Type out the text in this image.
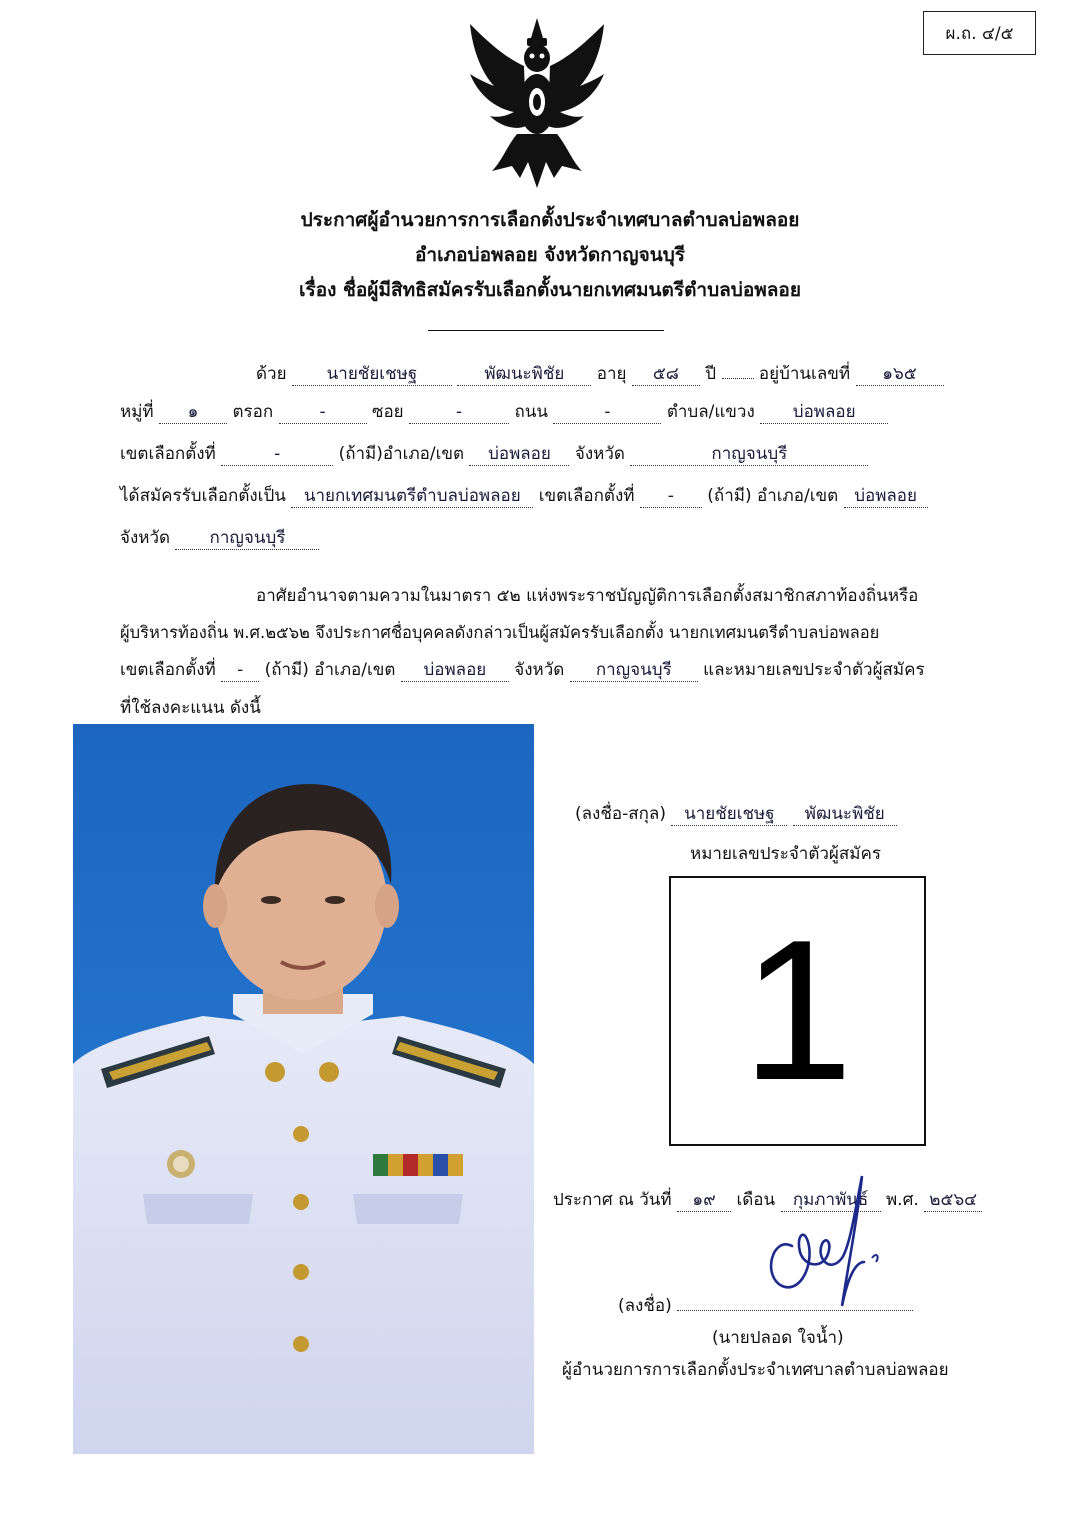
ผ.ถ. ๔/๕
ประกาศผู้อำนวยการการเลือกตั้งประจำเทศบาลตำบลบ่อพลอย
อำเภอบ่อพลอย จังหวัดกาญจนบุรี
เรื่อง ชื่อผู้มีสิทธิสมัครรับเลือกตั้งนายกเทศมนตรีตำบลบ่อพลอย
ด้วย นายชัยเชษฐ	พัฒนะพิชัย อายุ ๕๘ ปี	อยู่บ้านเลขที่ ๑๖๕
หมู่ที่ ๑ ตรอก	-	ซอย	-	ถนน	-	ตำบล/แขวง บ่อพลอย
เขตเลือกตั้งที่	-	(ถ้ามี)อำเภอ/เขต บ่อพลอย จังหวัด	กาญจนบุรี
ได้สมัครรับเลือกตั้งเป็น นายกเทศมนตรีตำบลบ่อพลอย เขตเลือกตั้งที่ - (ถ้ามี) อำเภอ/เขต บ่อพลอย
จังหวัด กาญจนบุรี
อาศัยอำนาจตามความในมาตรา ๕๒ แห่งพระราชบัญญัติการเลือกตั้งสมาชิกสภาท้องถิ่นหรือ
ผู้บริหารท้องถิ่น พ.ศ.๒๕๖๒ จึงประกาศชื่อบุคคลดังกล่าวเป็นผู้สมัครรับเลือกตั้ง นายกเทศมนตรีตำบลบ่อพลอย
เขตเลือกตั้งที่ - (ถ้ามี) อำเภอ/เขต บ่อพลอย จังหวัด กาญจนบุรี และหมายเลขประจำตัวผู้สมัคร
ที่ใช้ลงคะแนน ดังนี้
(ลงชื่อ-สกุล) นายชัยเชษฐ พัฒนะพิชัย
หมายเลขประจำตัวผู้สมัคร
1
ประกาศ ณ วันที่ ๑๙ เดือน กุมภาพันธ์ พ.ศ. ๒๕๖๔
(ลงชื่อ)
(นายปลอด ใจน้ำ)
ผู้อำนวยการการเลือกตั้งประจำเทศบาลตำบลบ่อพลอย
